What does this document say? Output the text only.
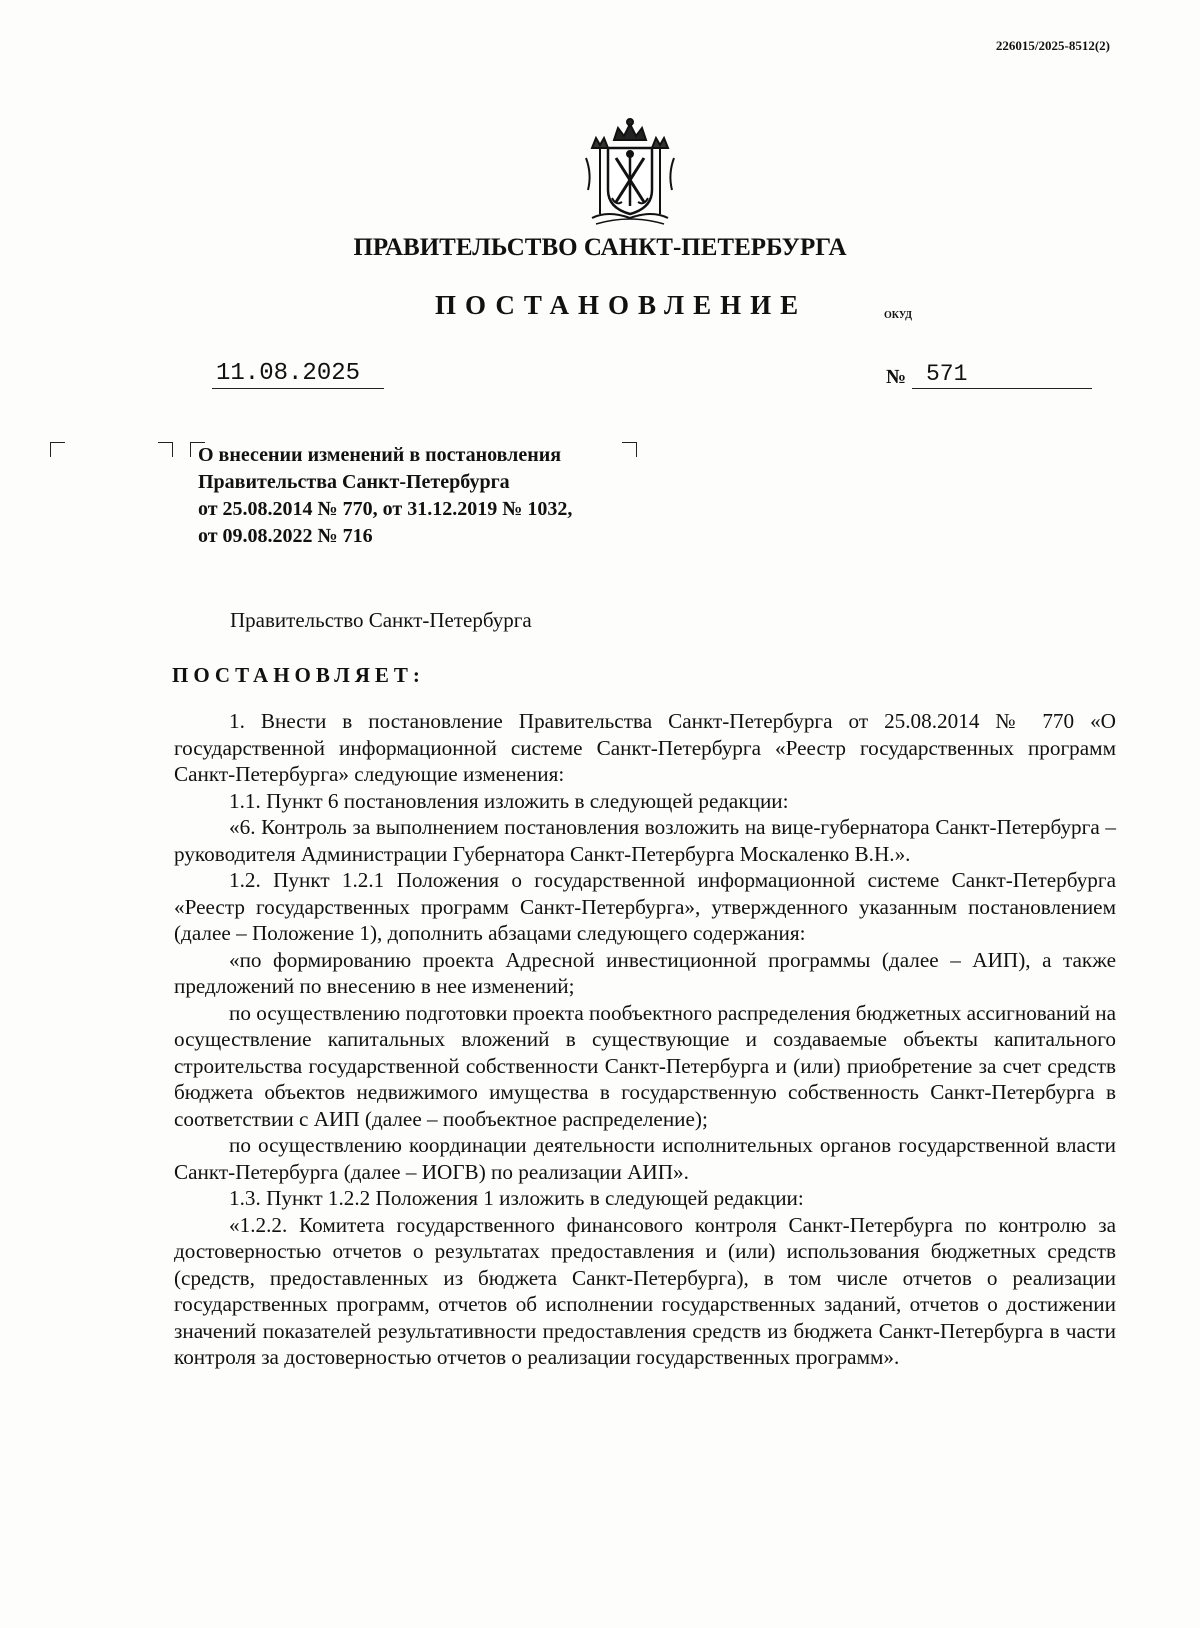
226015/2025-8512(2)
ПРАВИТЕЛЬСТВО САНКТ-ПЕТЕРБУРГА
ПОСТАНОВЛЕНИЕ	ОКУД
11.08.2025	№ 571
О внесении изменений в постановления
Правительства Санкт-Петербурга
от 25.08.2014 № 770, от 31.12.2019 № 1032,
от 09.08.2022 № 716
Правительство Санкт-Петербурга
ПОСТАНОВЛЯЕТ:

1. Внести в постановление Правительства Санкт-Петербурга от 25.08.2014 № 770 «О государственной информационной системе Санкт-Петербурга «Реестр государственных программ Санкт-Петербурга» следующие изменения:

1.1. Пункт 6 постановления изложить в следующей редакции:

«6. Контроль за выполнением постановления возложить на вице-губернатора Санкт-Петербурга – руководителя Администрации Губернатора Санкт-Петербурга Москаленко В.Н.».

1.2. Пункт 1.2.1 Положения о государственной информационной системе Санкт-Петербурга «Реестр государственных программ Санкт-Петербурга», утвержденного указанным постановлением (далее – Положение 1), дополнить абзацами следующего содержания:

«по формированию проекта Адресной инвестиционной программы (далее – АИП), а также предложений по внесению в нее изменений;

по осуществлению подготовки проекта пообъектного распределения бюджетных ассигнований на осуществление капитальных вложений в существующие и создаваемые объекты капитального строительства государственной собственности Санкт-Петербурга и (или) приобретение за счет средств бюджета объектов недвижимого имущества в государственную собственность Санкт-Петербурга в соответствии с АИП (далее – пообъектное распределение);

по осуществлению координации деятельности исполнительных органов государственной власти Санкт-Петербурга (далее – ИОГВ) по реализации АИП».

1.3. Пункт 1.2.2 Положения 1 изложить в следующей редакции:

«1.2.2. Комитета государственного финансового контроля Санкт-Петербурга по контролю за достоверностью отчетов о результатах предоставления и (или) использования бюджетных средств (средств, предоставленных из бюджета Санкт-Петербурга), в том числе отчетов о реализации государственных программ, отчетов об исполнении государственных заданий, отчетов о достижении значений показателей результативности предоставления средств из бюджета Санкт-Петербурга в части контроля за достоверностью отчетов о реализации государственных программ».
